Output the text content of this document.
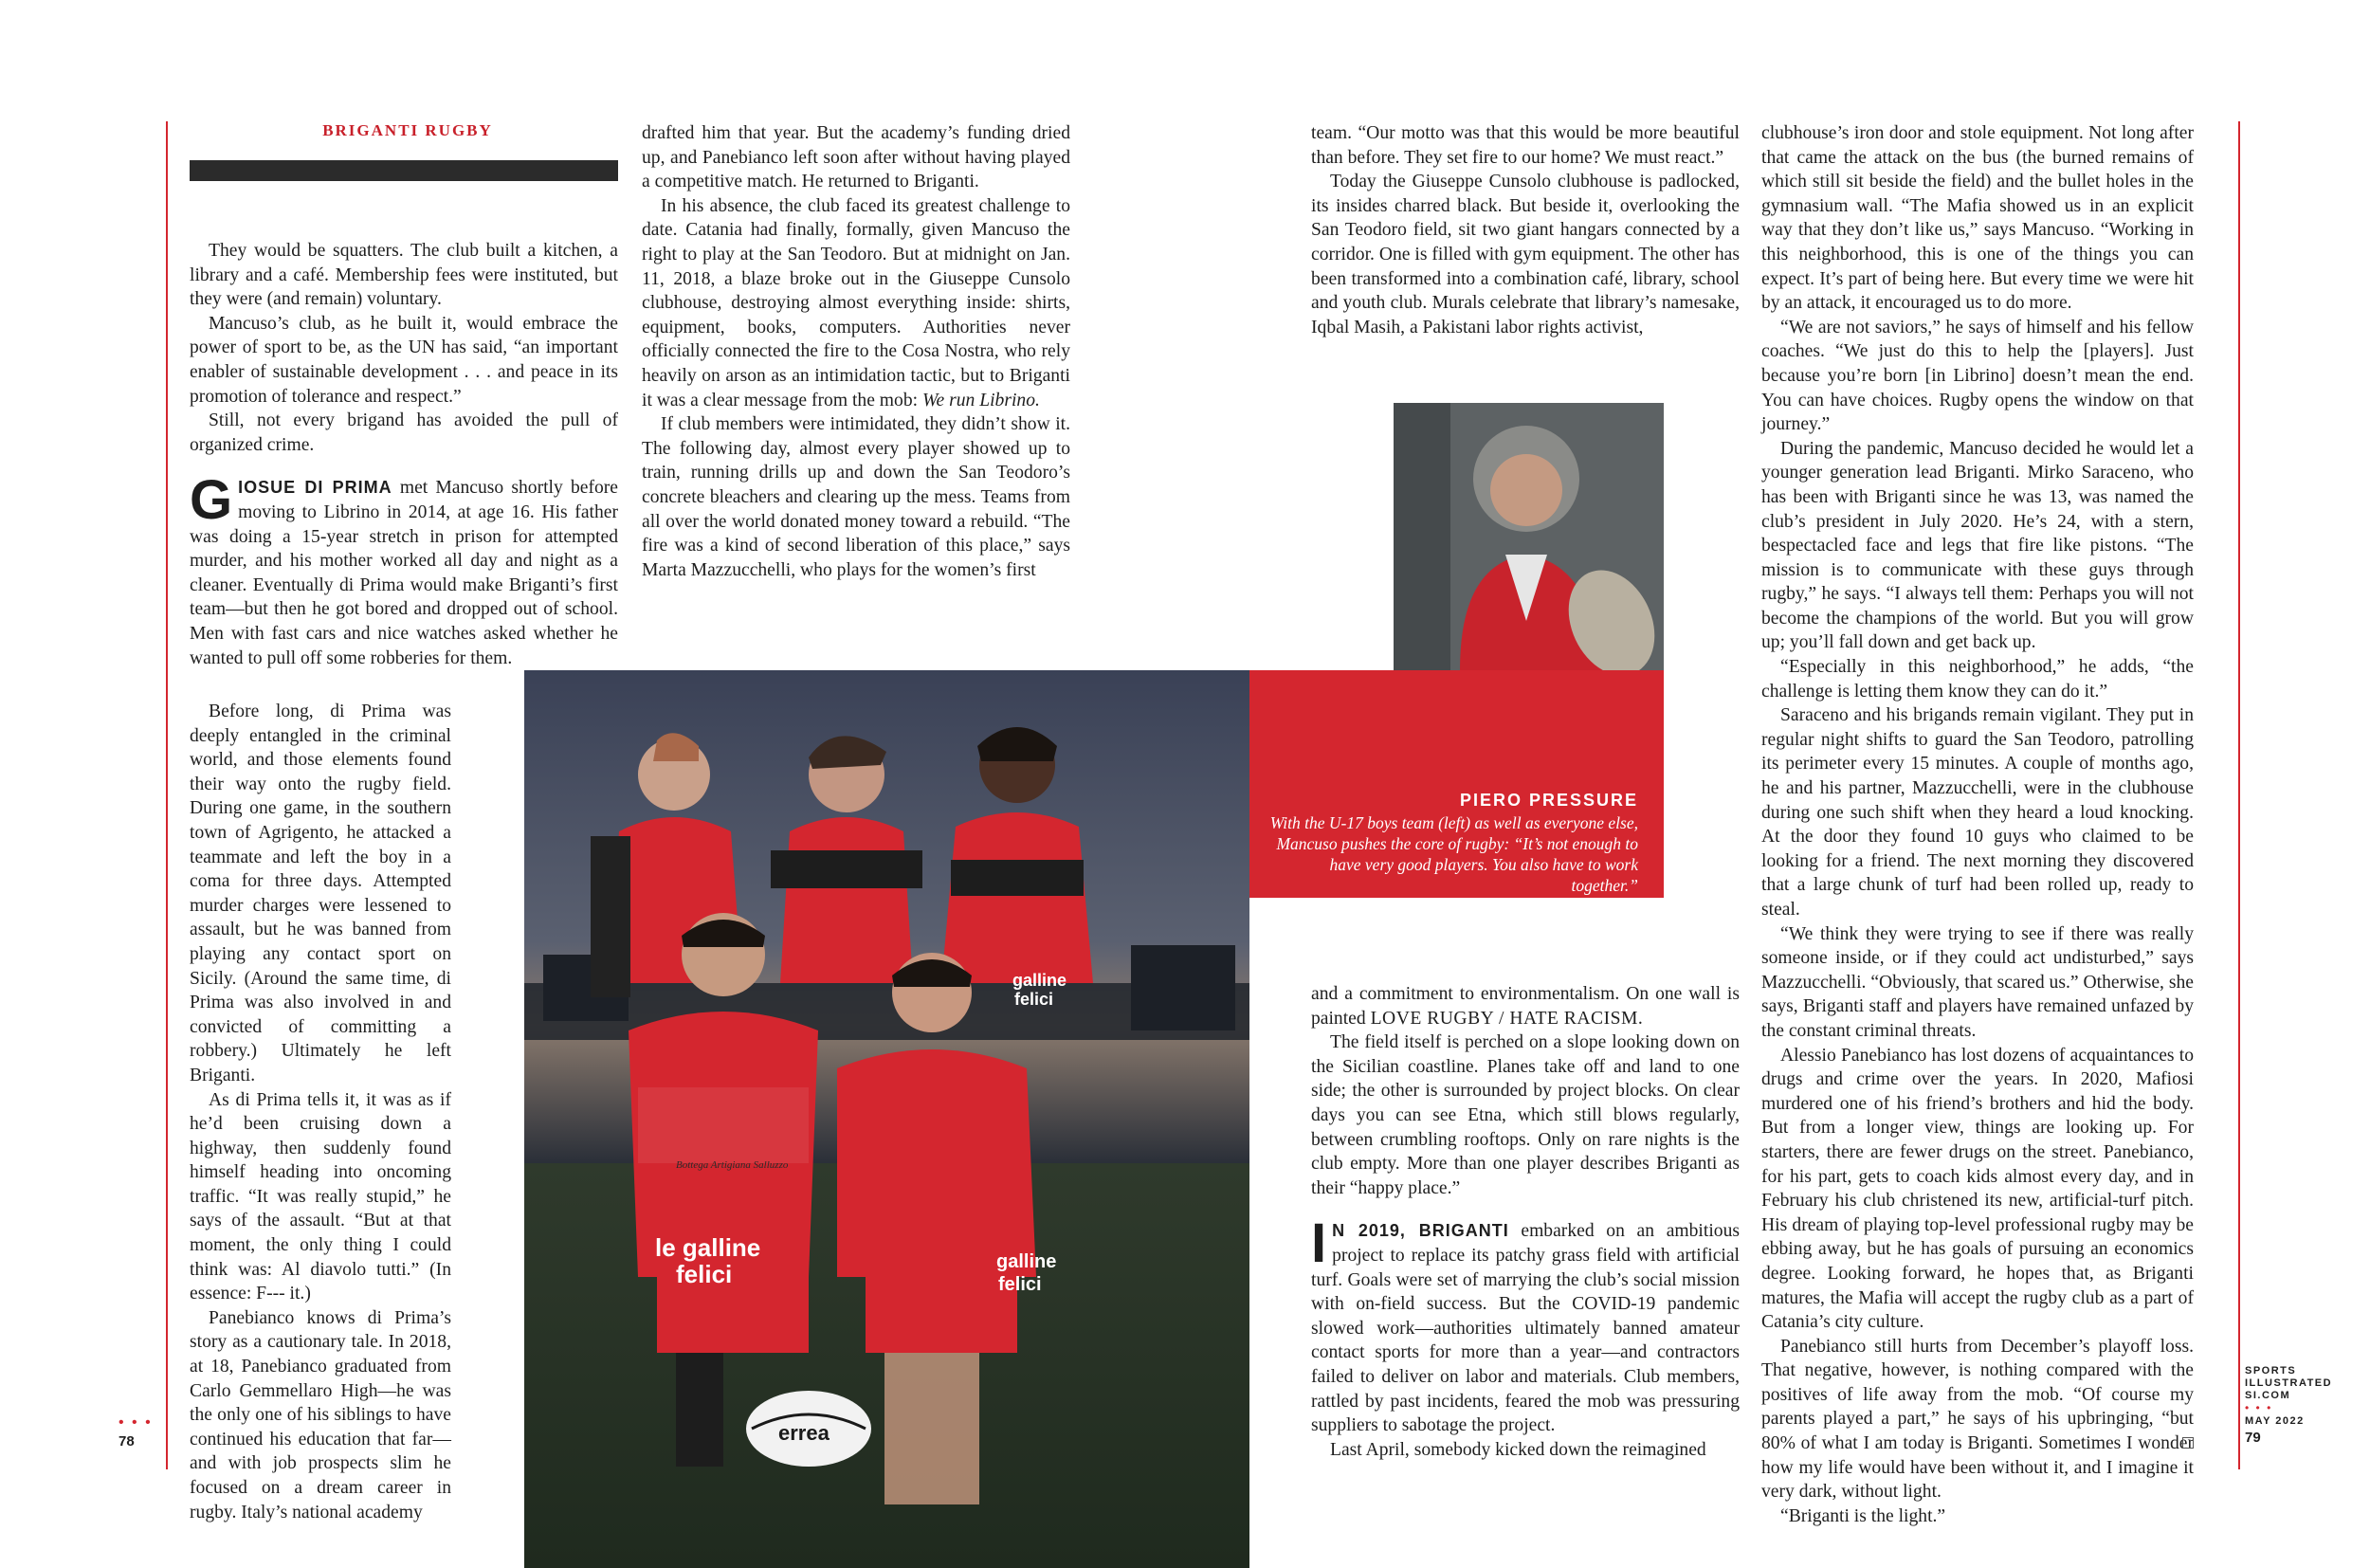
BRIGANTI RUGBY

They would be squatters. The club built a kitchen, a library and a café. Membership fees were instituted, but they were (and remain) voluntary.

Mancuso’s club, as he built it, would embrace the power of sport to be, as the UN has said, “an important enabler of sustainable development . . . and peace in its promotion of tolerance and respect.”

Still, not every brigand has avoided the pull of organized crime.

GIOSUE DI PRIMA met Mancuso shortly before moving to Librino in 2014, at age 16. His father was doing a 15-year stretch in prison for attempted murder, and his mother worked all day and night as a cleaner. Eventually di Prima would make Briganti’s first team—but then he got bored and dropped out of school. Men with fast cars and nice watches asked whether he wanted to pull off some robberies for them.

Before long, di Prima was deeply entangled in the criminal world, and those elements found their way onto the rugby field. During one game, in the southern town of Agrigento, he attacked a teammate and left the boy in a coma for three days. Attempted murder charges were lessened to assault, but he was banned from playing any contact sport on Sicily. (Around the same time, di Prima was also involved in and convicted of committing a robbery.) Ultimately he left Briganti.

As di Prima tells it, it was as if he’d been cruising down a highway, then suddenly found himself heading into oncoming traffic. “It was really stupid,” he says of the assault. “But at that moment, the only thing I could think was: Al diavolo tutti.” (In essence: F--- it.)

Panebianco knows di Prima’s story as a cautionary tale. In 2018, at 18, Panebianco graduated from Carlo Gemmellaro High—he was the only one of his siblings to have continued his education that far—and with job prospects slim he focused on a dream career in rugby. Italy’s national academy

drafted him that year. But the academy’s funding dried up, and Panebianco left soon after without having played a competitive match. He returned to Briganti.

In his absence, the club faced its greatest challenge to date. Catania had finally, formally, given Mancuso the right to play at the San Teodoro. But at midnight on Jan. 11, 2018, a blaze broke out in the Giuseppe Cunsolo clubhouse, destroying almost everything inside: shirts, equipment, books, computers. Authorities never officially connected the fire to the Cosa Nostra, who rely heavily on arson as an intimidation tactic, but to Briganti it was a clear message from the mob: We run Librino.

If club members were intimidated, they didn’t show it. The following day, almost every player showed up to train, running drills up and down the San Teodoro’s concrete bleachers and clearing up the mess. Teams from all over the world donated money toward a rebuild. “The fire was a kind of second liberation of this place,” says Marta Mazzucchelli, who plays for the women’s first

team. “Our motto was that this would be more beautiful than before. They set fire to our home? We must react.”

Today the Giuseppe Cunsolo clubhouse is padlocked, its insides charred black. But beside it, overlooking the San Teodoro field, sit two giant hangars connected by a corridor. One is filled with gym equipment. The other has been transformed into a combination café, library, school and youth club. Murals celebrate that library’s namesake, Iqbal Masih, a Pakistani labor rights activist,

and a commitment to environmentalism. On one wall is painted LOVE RUGBY / HATE RACISM.

The field itself is perched on a slope looking down on the Sicilian coastline. Planes take off and land to one side; the other is surrounded by project blocks. On clear days you can see Etna, which still blows regularly, between crumbling rooftops. Only on rare nights is the club empty. More than one player describes Briganti as their “happy place.”

I N 2019, BRIGANTI embarked on an ambitious project to replace its patchy grass field with artificial turf. Goals were set of marrying the club’s social mission with on-field success. But the COVID-19 pandemic slowed work—authorities ultimately banned amateur contact sports for more than a year—and contractors failed to deliver on labor and materials. Club members, rattled by past incidents, feared the mob was pressuring suppliers to sabotage the project.

Last April, somebody kicked down the reimagined

clubhouse’s iron door and stole equipment. Not long after that came the attack on the bus (the burned remains of which still sit beside the field) and the bullet holes in the gymnasium wall. “The Mafia showed us in an explicit way that they don’t like us,” says Mancuso. “Working in this neighborhood, this is one of the things you can expect. It’s part of being here. But every time we were hit by an attack, it encouraged us to do more.

“We are not saviors,” he says of himself and his fellow coaches. “We just do this to help the [players]. Just because you’re born [in Librino] doesn’t mean the end. You can have choices. Rugby opens the window on that journey.”

During the pandemic, Mancuso decided he would let a younger generation lead Briganti. Mirko Saraceno, who has been with Briganti since he was 13, was named the club’s president in July 2020. He’s 24, with a stern, bespectacled face and legs that fire like pistons. “The mission is to communicate with these guys through rugby,” he says. “I always tell them: Perhaps you will not become the champions of the world. But you will grow up; you’ll fall down and get back up.

“Especially in this neighborhood,” he adds, “the challenge is letting them know they can do it.”

Saraceno and his brigands remain vigilant. They put in regular night shifts to guard the San Teodoro, patrolling its perimeter every 15 minutes. A couple of months ago, he and his partner, Mazzucchelli, were in the clubhouse during one such shift when they heard a loud knocking. At the door they found 10 guys who claimed to be looking for a friend. The next morning they discovered that a large chunk of turf had been rolled up, ready to steal.

“We think they were trying to see if there was really someone inside, or if they could act undisturbed,” says Mazzucchelli. “Obviously, that scared us.” Otherwise, she says, Briganti staff and players have remained unfazed by the constant criminal threats.

Alessio Panebianco has lost dozens of acquaintances to drugs and crime over the years. In 2020, Mafiosi murdered one of his friend’s brothers and hid the body. But from a longer view, things are looking up. For starters, there are fewer drugs on the street. Panebianco, for his part, gets to coach kids almost every day, and in February his club christened its new, artificial-turf pitch. His dream of playing top-level professional rugby may be ebbing away, but he has goals of pursuing an economics degree. Looking forward, he hopes that, as Briganti matures, the Mafia will accept the rugby club as a part of Catania’s city culture.

Panebianco still hurts from December’s playoff loss. That negative, however, is nothing compared with the positives of life away from the mob. “Of course my parents played a part,” he says of his upbringing, “but 80% of what I am today is Briganti. Sometimes I wonder how my life would have been without it, and I imagine it very dark, without light.

“Briganti is the light.”

le galline
felici	galline
felici
galline
felici
Bottega Artigiana Salluzzo
errea
PIERO PRESSURE
With the U-17 boys team (left) as well as everyone else, Mancuso pushes the core of rugby: “It’s not enough to have very good players. You also have to work together.”
• • •
78
SPORTS
ILLUSTRATED
SI.COM
• • •
MAY 2022
79
